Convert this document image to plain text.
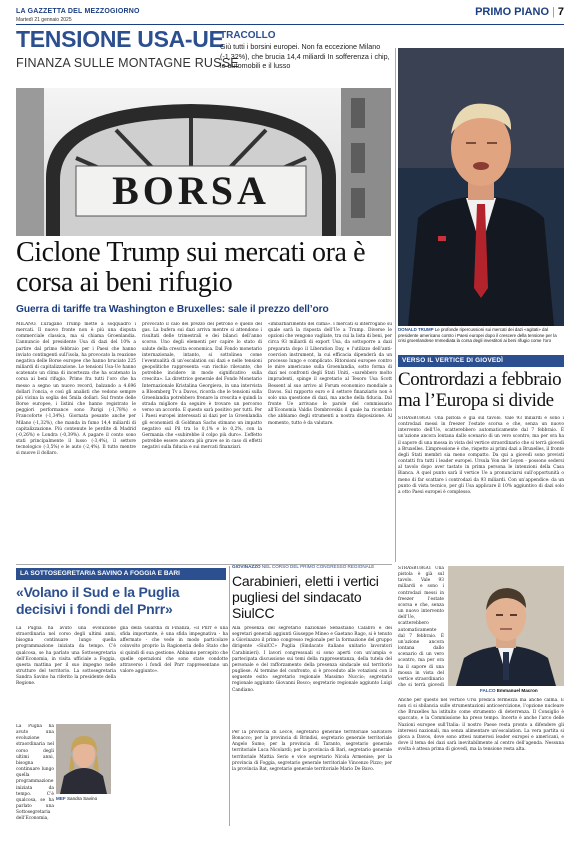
LA GAZZETTA DEL MEZZOGIORNO
Martedì 21 gennaio 2025
PRIMO PIANO | 7
TENSIONE USA-UE
FINANZA SULLE MONTAGNE RUSSE
TRACOLLO
Giù tutti i borsini europei. Non fa eccezione Milano (-1,32%), che brucia 14,4 miliardi In sofferenza i chip, le automobili e il lusso
BORSA
DONALD TRUMP Le profonde ripercussioni sui mercati dei dazi «agitati» dal presidente americano contro i Paesi europei dopo il crescere della tensione per la crisi groenlandese Immediata la corsa degli investitori ai beni rifugio come l’oro
Ciclone Trump sui mercati ora è corsa ai beni rifugio
Guerra di tariffe tra Washington e Bruxelles: sale il prezzo dell’oro
MILANO. L’uragano Trump mette a soqquadro i mercati. Il nuovo fronte non è più una disputa commerciale classica, ma si chiama Groenlandia. L’annuncio del presidente Usa di dazi del 10% a partire dal primo febbraio per i Paesi che hanno inviato contingenti sull’isola, ha provocato la reazione negativa delle Borse europee che hanno bruciato 225 miliardi di capitalizzazione. Le tensioni Usa-Ue hanno scatenato un clima di incertezza che ha scatenato la corsa ai beni rifugio. Primo fra tutti l’oro che ha messo a segno un nuovo record, balzando a 4.696 dollari l’oncia, e così gli analisti che vedono sempre più vicina la soglia dei 5mila dollari. Sul fronte delle Borse europee, i listini che hanno registrato le peggiori performance sono Parigi (-1,78%) e Francoforte (-1,34%). Giornata pesante anche per Milano (-1,32%), che manda in fumo 14,4 miliardi di capitalizzazione. Più contenute le perdite di Madrid (-0,26%) e Londra (-0,39%). A pagare il conto sono stati principalmente il lusso (-3,4%), il settore tecnologico (-3,5%) e le auto (-2,4%). Il tutto mentre si muove il dollaro.
provocato il calo del prezzo del petrolio e quello del gas. La bufera sui dazi arriva mentre si attendono i risultati delle trimestrali e dei bilanci dell’anno scorso. Uno degli elementi per capire lo stato di salute della crescita economica. Dal Fondo monetario internazionale, intanto, si sottolinea come l’eventualità di un’escalation sui dazi e nelle tensioni geopolitiche rappresenta «un rischio rilevante, che potrebbe incidere in modo significativo sulla crescita». La direttrice generale del Fondo Monetario Internazionale Kristalina Georgieva, in una intervista a Bloomberg Tv a Davos, ricorda che le tensioni sulla Groenlandia potrebbero frenare la crescita e quindi la strada migliore da seguire è trovare un percorso verso un accordo. E questo sarà positivo per tutti. Per i Paesi europei interessati ai dazi per la Groenlandia gli economisti di Goldman Sachs stimano un impatto negativo sul Pil tra lo 0,1% e lo 0,2%, con la Germania che «subirebbe il colpo più duro». L’effetto potrebbe essere ancora più grave se in caso di effetti negativi sulla fiducia e sui mercati finanziari.
«imbarbarimento del clima». I mercati si interrogano su quale sarà la risposta dell’Ue a Trump. Diverse le opzioni che vengono vagliate, tra cui la lista di beni, per circa 93 miliardi di export Usa, da sottoporre a dazi preparata dopo il Liberation Day, e l’utilizzo dell’anti-coercion instrument, la cui efficacia dipenderà da un processo lungo e complicato. Ritorsioni europee contro le mire americane sulla Groenlandia, sotto forma di dazi nei confronti degli Stati Uniti, «sarebbero molto imprudenti, spinge il segretario al Tesoro Usa Scott Bessent al suo arrivo al Forum economico mondiale a Davos. Sul rapporto euro e il settore finanziario non è solo una questione di dazi, ma anche della fiducia. Dal fronte Ue arrivano le parole del commissario all’Economia Valdis Dombrovskis il quale ha ricordato che abbiamo degli strumenti a nostra disposizione. Al momento, tutto è da valutare.
VERSO IL VERTICE DI GIOVEDÌ
Contrordazi a febbraio ma l’Europa si divide
STRASBURGO. Una pistola è già sul tavolo. Vale 93 miliardi e sono i controdazi messi in freezer l’estate scorsa e che, senza un nuovo intervento dell’Ue, scatterebbero automaticamente dal 7 febbraio. È un’azione ancora lontana dallo scenario di un vero scontro, ma per ora ha il sapore di una mossa in vista del vertice straordinario che si terrà giovedì a Bruxelles. L’impressione è che, rispetto ai primi dazi a Bruxelles, il fronte degli Stati membri sia meno compatto. Da qui a giovedì sono previsti contatti fra tutti i leader europei. Ursula Von der Leyen - possono sedersi al tavolo dopo aver tastato in prima persona le intenzioni della Casa Bianca. A quel punto sarà il vertice Ue a pronunciarsi sull’opportunità o meno di far scattare i controdazi da 93 miliardi. Con un’appendice: da un punto di vista tecnico, per gli Usa applicare il 10% aggiuntivo di dazi solo a otto Paesi europei è complesso.
STRASBURGO. Una pistola è già sul tavolo. Vale 93 miliardi e sono i controdazi messi in freezer l’estate scorsa e che, senza un nuovo intervento dell’Ue, scatterebbero automaticamente dal 7 febbraio. È un’azione ancora lontana dallo scenario di un vero scontro, ma per ora ha il sapore di una mossa in vista del vertice straordinario che si terrà giovedì
Anche per questo nel vertice Ursi predica fermezza ma anche calma. E non ci si sbilancia sulle strumentazioni anticoercizione, l’opzione nucleare che Bruxelles ha istituito come strumento di deterrenza. Il Consiglio è spaccato, e la Commissione ha preso tempo. Incerto è anche l’arco delle Nazioni europee sull’Italia: il nostro Paese resta pronto a difendere gli interessi nazionali, ma senza alimentare un’escalation. La vera partita si gioca a Davos, dove sono attesi numerosi leader europei e americani, e dove il tema dei dazi sarà inevitabilmente al centro dell’agenda. Nessuna svolta è attesa prima di giovedì, ma la tensione resta alta.
FALCO Emmanuel Macron
LA SOTTOSEGRETARIA SAVINO A FOGGIA E BARI
«Volano il Sud e la Puglia decisivi i fondi del Pnrr»
La Puglia ha avuto una evoluzione straordinaria nel corso degli ultimi anni, bisogna continuare lungo quella programmazione iniziata da tempo. C’è qualcosa, se ha parlato una Sottosegretaria dell’Economia, in visita ufficiale a Foggia, questa mattina per il suo impegno nelle strutture del territorio. La sottosegretaria Sandra Savino ha riferito la presidente della Regione.
La Puglia ha avuto una evoluzione straordinaria nel corso degli ultimi anni, bisogna continuare lungo quella programmazione iniziata da tempo. C’è qualcosa, se ha parlato una Sottosegretaria dell’Economia,
glia della Guardia di Finanza, «il Pnrr è una sfida importante, è una sfida impegnativa - ha affermato - che vede in modo particolare coinvolto proprio la Ragioneria dello Stato che si quindi di sua gestione. Abbiamo percepito che quelle operazioni che sono state condotte attraverso i fondi del Pnrr rappresentano un valore aggiunto».
MEF Sandra Savino
GIOVINAZZO NEL CORSO DEL PRIMO CONGRESSO REGIONALE
Carabinieri, eletti i vertici pugliesi del sindacato SiulCC
Alla presenza del segretario nazionale Sebastiano Calabrò e dei segretari generali aggiunti Giuseppe Mineo e Gaetano Rago, si è tenuto a Giovinazzo il primo congresso regionale per la formazione del gruppo dirigente «SiulCC» Puglia (Sindacato italiano unitario lavoratori Carabinieri). I lavori congressuali si sono aperti con un’ampia e partecipata discussione sui temi della rappresentanza, della tutela del personale e del rafforzamento della presenza sindacale sul territorio pugliese. Al termine del confronto, si è proceduto alle votazioni con il seguente esito: segretario regionale Massimo Nuccio; segretario regionale aggiunto Giovanni Bosco; segretario regionale aggiunto Luigi Candiano.
Per la provincia di Lecce, segretario generale territoriale Salvatore Bonacco; per la provincia di Brindisi, segretario generale territoriale Angelo Sumo; per la provincia di Taranto, segretario generale territoriale Luca Nicolardi; per la provincia di Bari, segretario generale territoriale Mattia Serio e vice segretario Nicola Armenise; per la provincia di Foggia, segretario generale territoriale Vincenzo Pizzo; per la provincia Bat, segretario generale territoriale Mario De Bavo.
